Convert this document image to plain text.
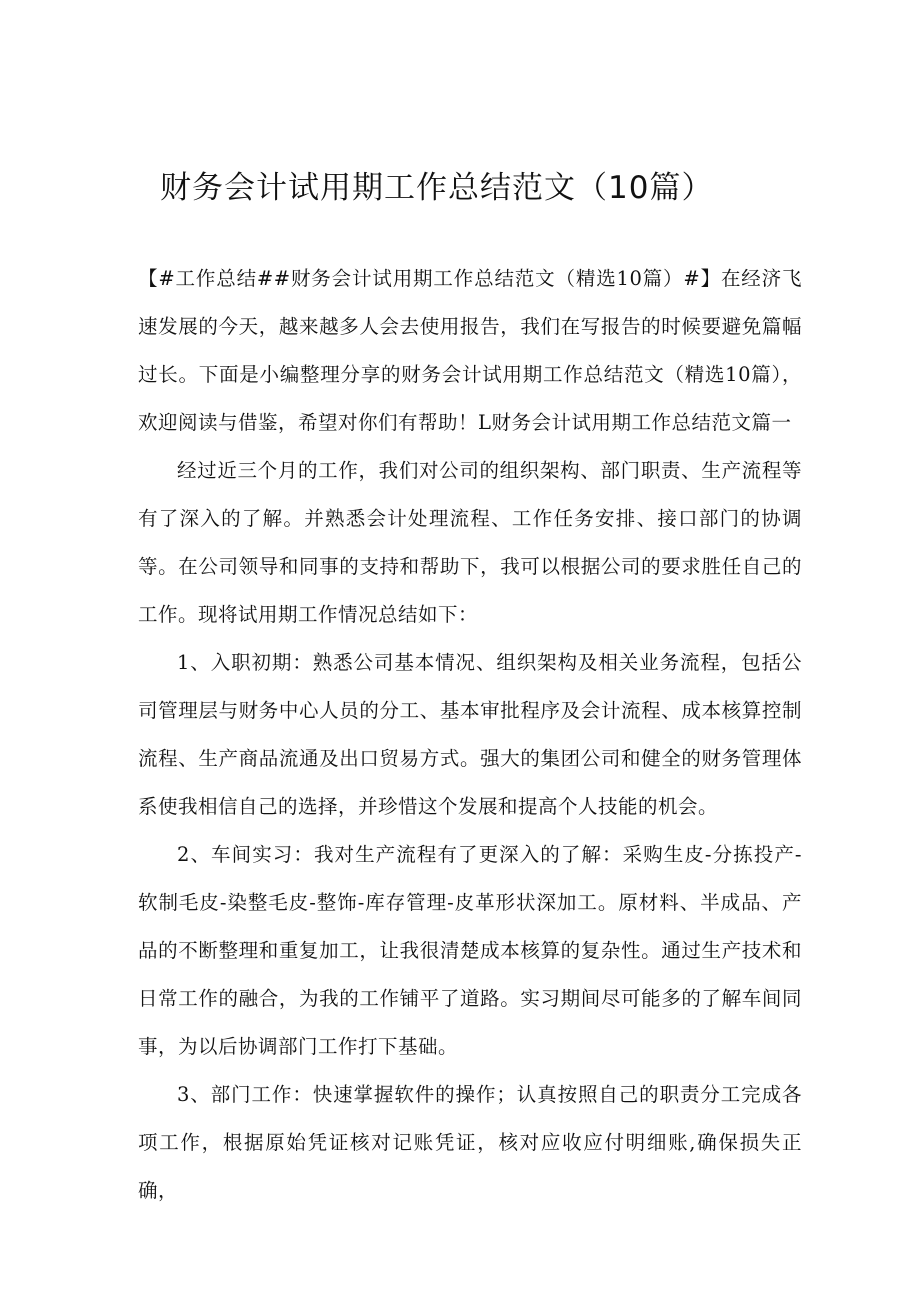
财务会计试用期工作总结范文（10篇）

【#工作总结##财务会计试用期工作总结范文（精选10篇）#】在经济飞速发展的今天，越来越多人会去使用报告，我们在写报告的时候要避免篇幅过长。下面是小编整理分享的财务会计试用期工作总结范文（精选10篇），欢迎阅读与借鉴，希望对你们有帮助！L财务会计试用期工作总结范文篇一

经过近三个月的工作，我们对公司的组织架构、部门职责、生产流程等有了深入的了解。并熟悉会计处理流程、工作任务安排、接口部门的协调等。在公司领导和同事的支持和帮助下，我可以根据公司的要求胜任自己的工作。现将试用期工作情况总结如下：

1、入职初期：熟悉公司基本情况、组织架构及相关业务流程，包括公司管理层与财务中心人员的分工、基本审批程序及会计流程、成本核算控制流程、生产商品流通及出口贸易方式。强大的集团公司和健全的财务管理体系使我相信自己的选择，并珍惜这个发展和提高个人技能的机会。

2、车间实习：我对生产流程有了更深入的了解：采购生皮-分拣投产-软制毛皮-染整毛皮-整饰-库存管理-皮革形状深加工。原材料、半成品、产品的不断整理和重复加工，让我很清楚成本核算的复杂性。通过生产技术和日常工作的融合，为我的工作铺平了道路。实习期间尽可能多的了解车间同事，为以后协调部门工作打下基础。

3、部门工作：快速掌握软件的操作；认真按照自己的职责分工完成各项工作，根据原始凭证核对记账凭证，核对应收应付明细账,确保损失正确，
